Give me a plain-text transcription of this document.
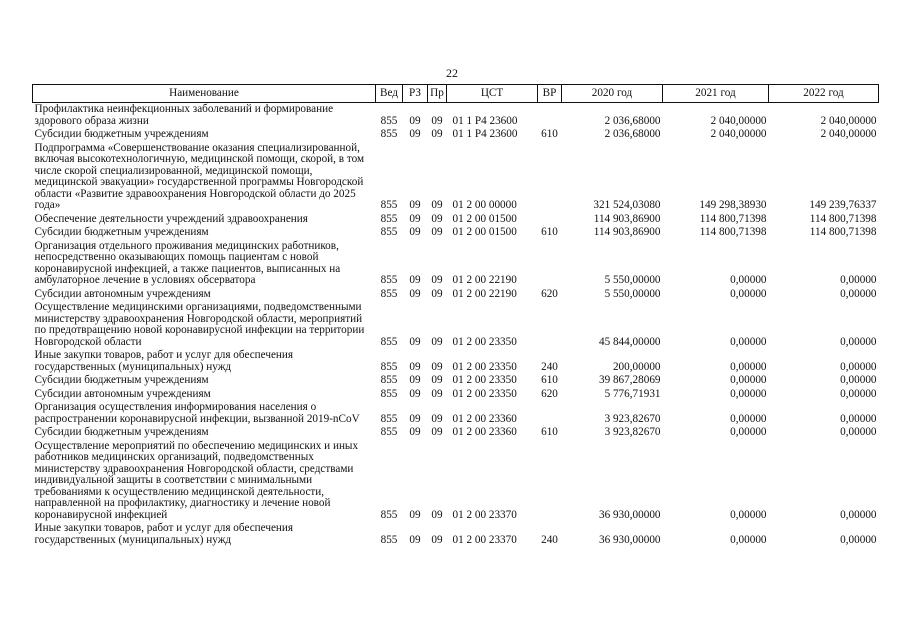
22
Наименование	Вед	РЗ	Пр	ЦСТ	ВР	2020 год	2021 год	2022 год
Профилактика неинфекционных заболеваний и формирование здорового образа жизни	855	09	09	01 1 Р4 23600		2 036,68000	2 040,00000	2 040,00000
Субсидии бюджетным учреждениям	855	09	09	01 1 Р4 23600	610	2 036,68000	2 040,00000	2 040,00000
Подпрограмма «Совершенствование оказания специализированной, включая высокотехнологичную, медицинской помощи, скорой, в том числе скорой специализированной, медицинской помощи, медицинской эвакуации» государственной программы Новгородской области «Развитие здравоохранения Новгородской области до 2025 года»	855	09	09	01 2 00 00000		321 524,03080	149 298,38930	149 239,76337
Обеспечение деятельности учреждений здравоохранения	855	09	09	01 2 00 01500		114 903,86900	114 800,71398	114 800,71398
Субсидии бюджетным учреждениям	855	09	09	01 2 00 01500	610	114 903,86900	114 800,71398	114 800,71398
Организация отдельного проживания медицинских работников, непосредственно оказывающих помощь пациентам с новой коронавирусной инфекцией, а также пациентов, выписанных на амбулаторное лечение в условиях обсерватора	855	09	09	01 2 00 22190		5 550,00000	0,00000	0,00000
Субсидии автономным учреждениям	855	09	09	01 2 00 22190	620	5 550,00000	0,00000	0,00000
Осуществление медицинскими организациями, подведомственными министерству здравоохранения Новгородской области, мероприятий по предотвращению новой коронавирусной инфекции на территории Новгородской области	855	09	09	01 2 00 23350		45 844,00000	0,00000	0,00000
Иные закупки товаров, работ и услуг для обеспечения государственных (муниципальных) нужд	855	09	09	01 2 00 23350	240	200,00000	0,00000	0,00000
Субсидии бюджетным учреждениям	855	09	09	01 2 00 23350	610	39 867,28069	0,00000	0,00000
Субсидии автономным учреждениям	855	09	09	01 2 00 23350	620	5 776,71931	0,00000	0,00000
Организация осуществления информирования населения о распространении коронавирусной инфекции, вызванной 2019-nCoV	855	09	09	01 2 00 23360		3 923,82670	0,00000	0,00000
Субсидии бюджетным учреждениям	855	09	09	01 2 00 23360	610	3 923,82670	0,00000	0,00000
Осуществление мероприятий по обеспечению медицинских и иных работников медицинских организаций, подведомственных министерству здравоохранения Новгородской области, средствами индивидуальной защиты в соответствии с минимальными требованиями к осуществлению медицинской деятельности, направленной на профилактику, диагностику и лечение новой коронавирусной инфекцией	855	09	09	01 2 00 23370		36 930,00000	0,00000	0,00000
Иные закупки товаров, работ и услуг для обеспечения государственных (муниципальных) нужд	855	09	09	01 2 00 23370	240	36 930,00000	0,00000	0,00000
